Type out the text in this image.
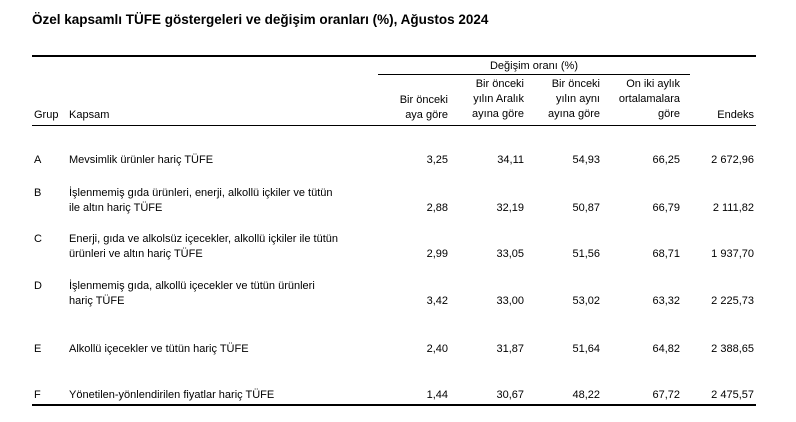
Özel kapsamlı TÜFE göstergeleri ve değişim oranları (%), Ağustos 2024
Değişim oranı (%)
Grup Kapsam
Bir önceki
aya göre
Bir önceki
yılın Aralık
ayına göre
Bir önceki
yılın aynı
ayına göre
On iki aylık
ortalamalara
göre	Endeks
A	Mevsimlik ürünler hariç TÜFE	3,25	34,11	54,93	66,25	2 672,96
B	İşlenmemiş gıda ürünleri, enerji, alkollü içkiler ve tütün
ile altın hariç TÜFE	2,88	32,19	50,87	66,79	2 111,82
C Enerji, gıda ve alkolsüz içecekler, alkollü içkiler ile tütün
ürünleri ve altın hariç TÜFE	2,99	33,05	51,56	68,71	1 937,70
D İşlenmemiş gıda, alkollü içecekler ve tütün ürünleri
hariç TÜFE	3,42	33,00	53,02	63,32	2 225,73
E	Alkollü içecekler ve tütün hariç TÜFE	2,40	31,87	51,64	64,82	2 388,65
F	Yönetilen-yönlendirilen fiyatlar hariç TÜFE	1,44	30,67	48,22	67,72	2 475,57
